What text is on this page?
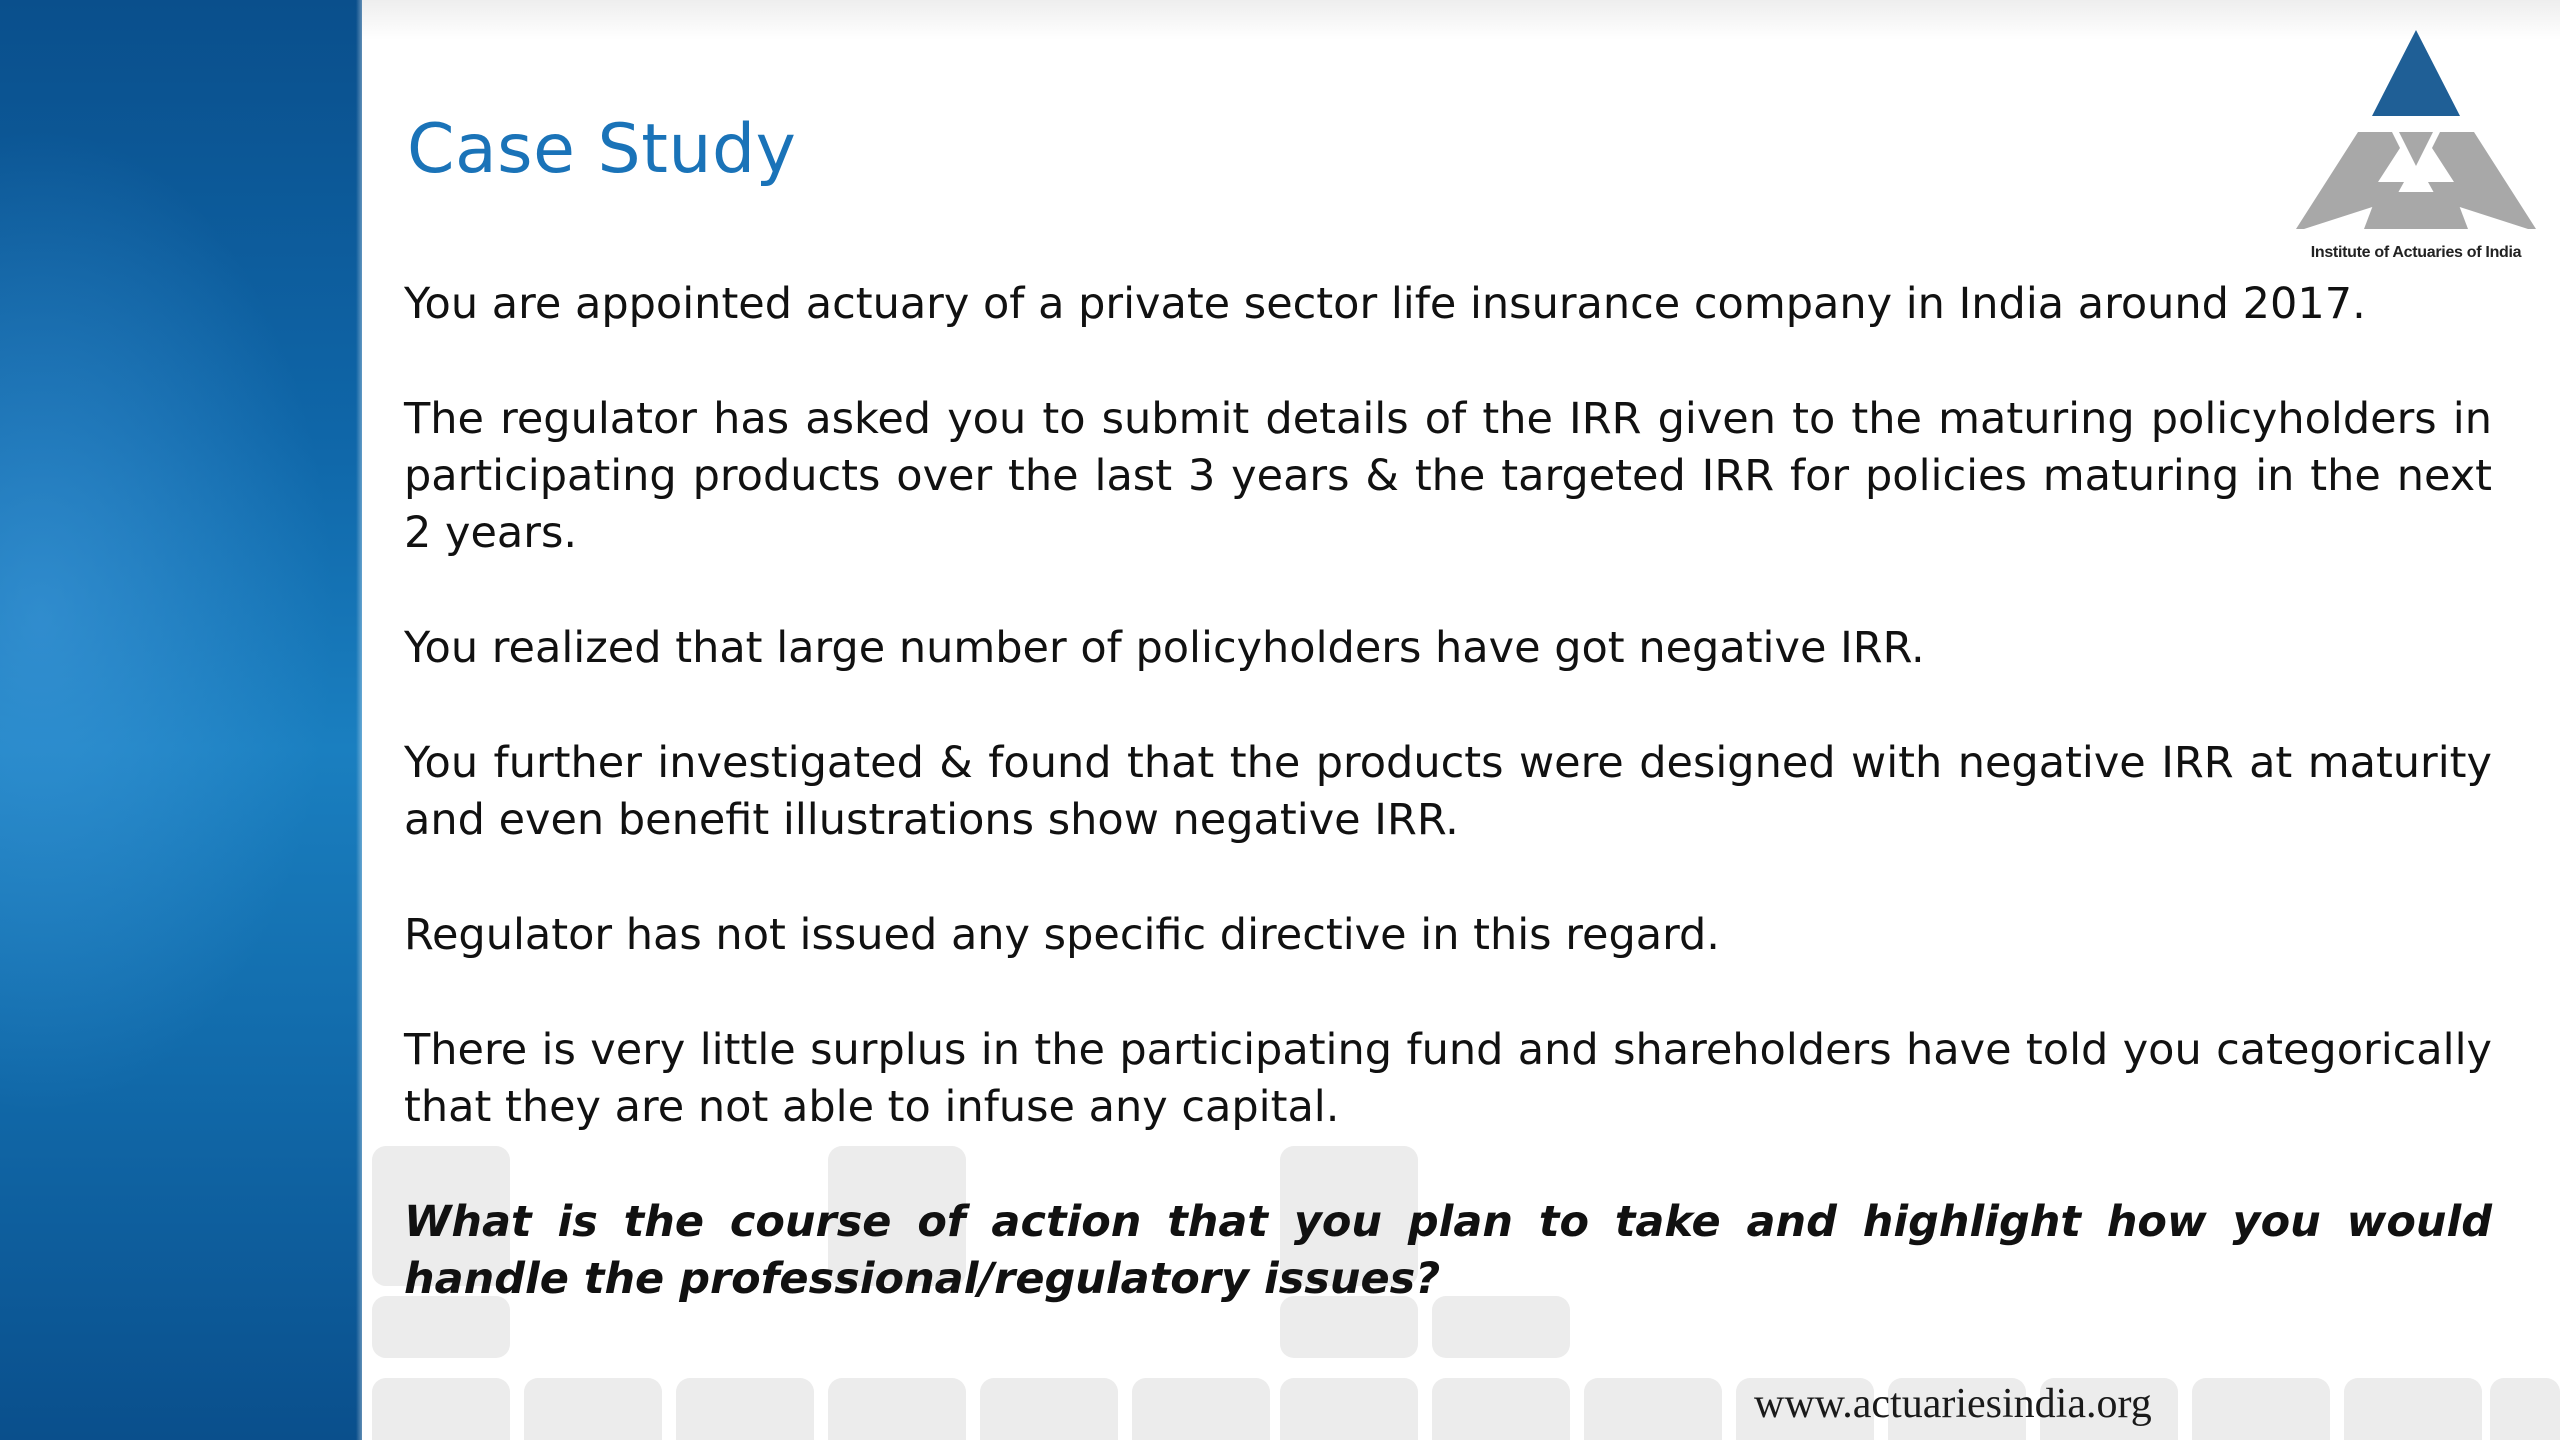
Case Study
Institute of Actuaries of India

You are appointed actuary of a private sector life insurance company in India around 2017.

The regulator has asked you to submit details of the IRR given to the maturing policyholders in participating products over the last 3 years & the targeted IRR for policies maturing in the next 2 years.

You realized that large number of policyholders have got negative IRR.

You further investigated & found that the products were designed with negative IRR at maturity and even benefit illustrations show negative IRR.

Regulator has not issued any specific directive in this regard.

There is very little surplus in the participating fund and shareholders have told you categorically that they are not able to infuse any capital.

What is the course of action that you plan to take and highlight how you would handle the professional/regulatory issues?

www.actuariesindia.org
